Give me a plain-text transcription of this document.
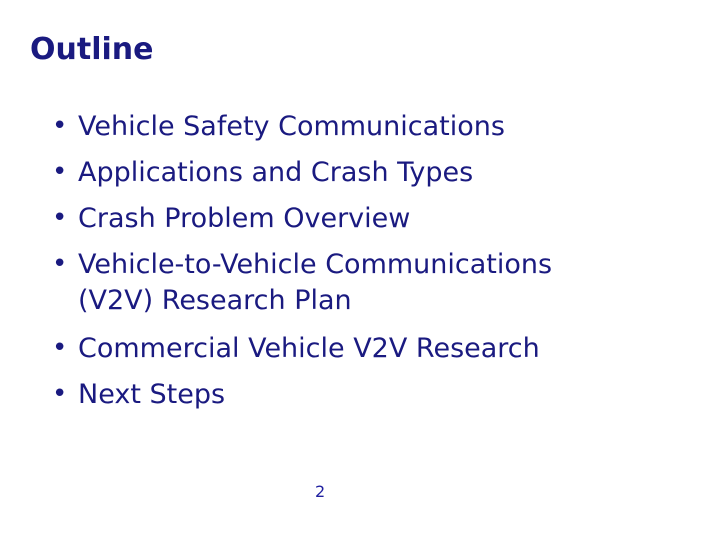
Outline
• Vehicle Safety Communications
• Applications and Crash Types
• Crash Problem Overview
• Vehicle-to-Vehicle Communications
(V2V) Research Plan
• Commercial Vehicle V2V Research
• Next Steps
2
